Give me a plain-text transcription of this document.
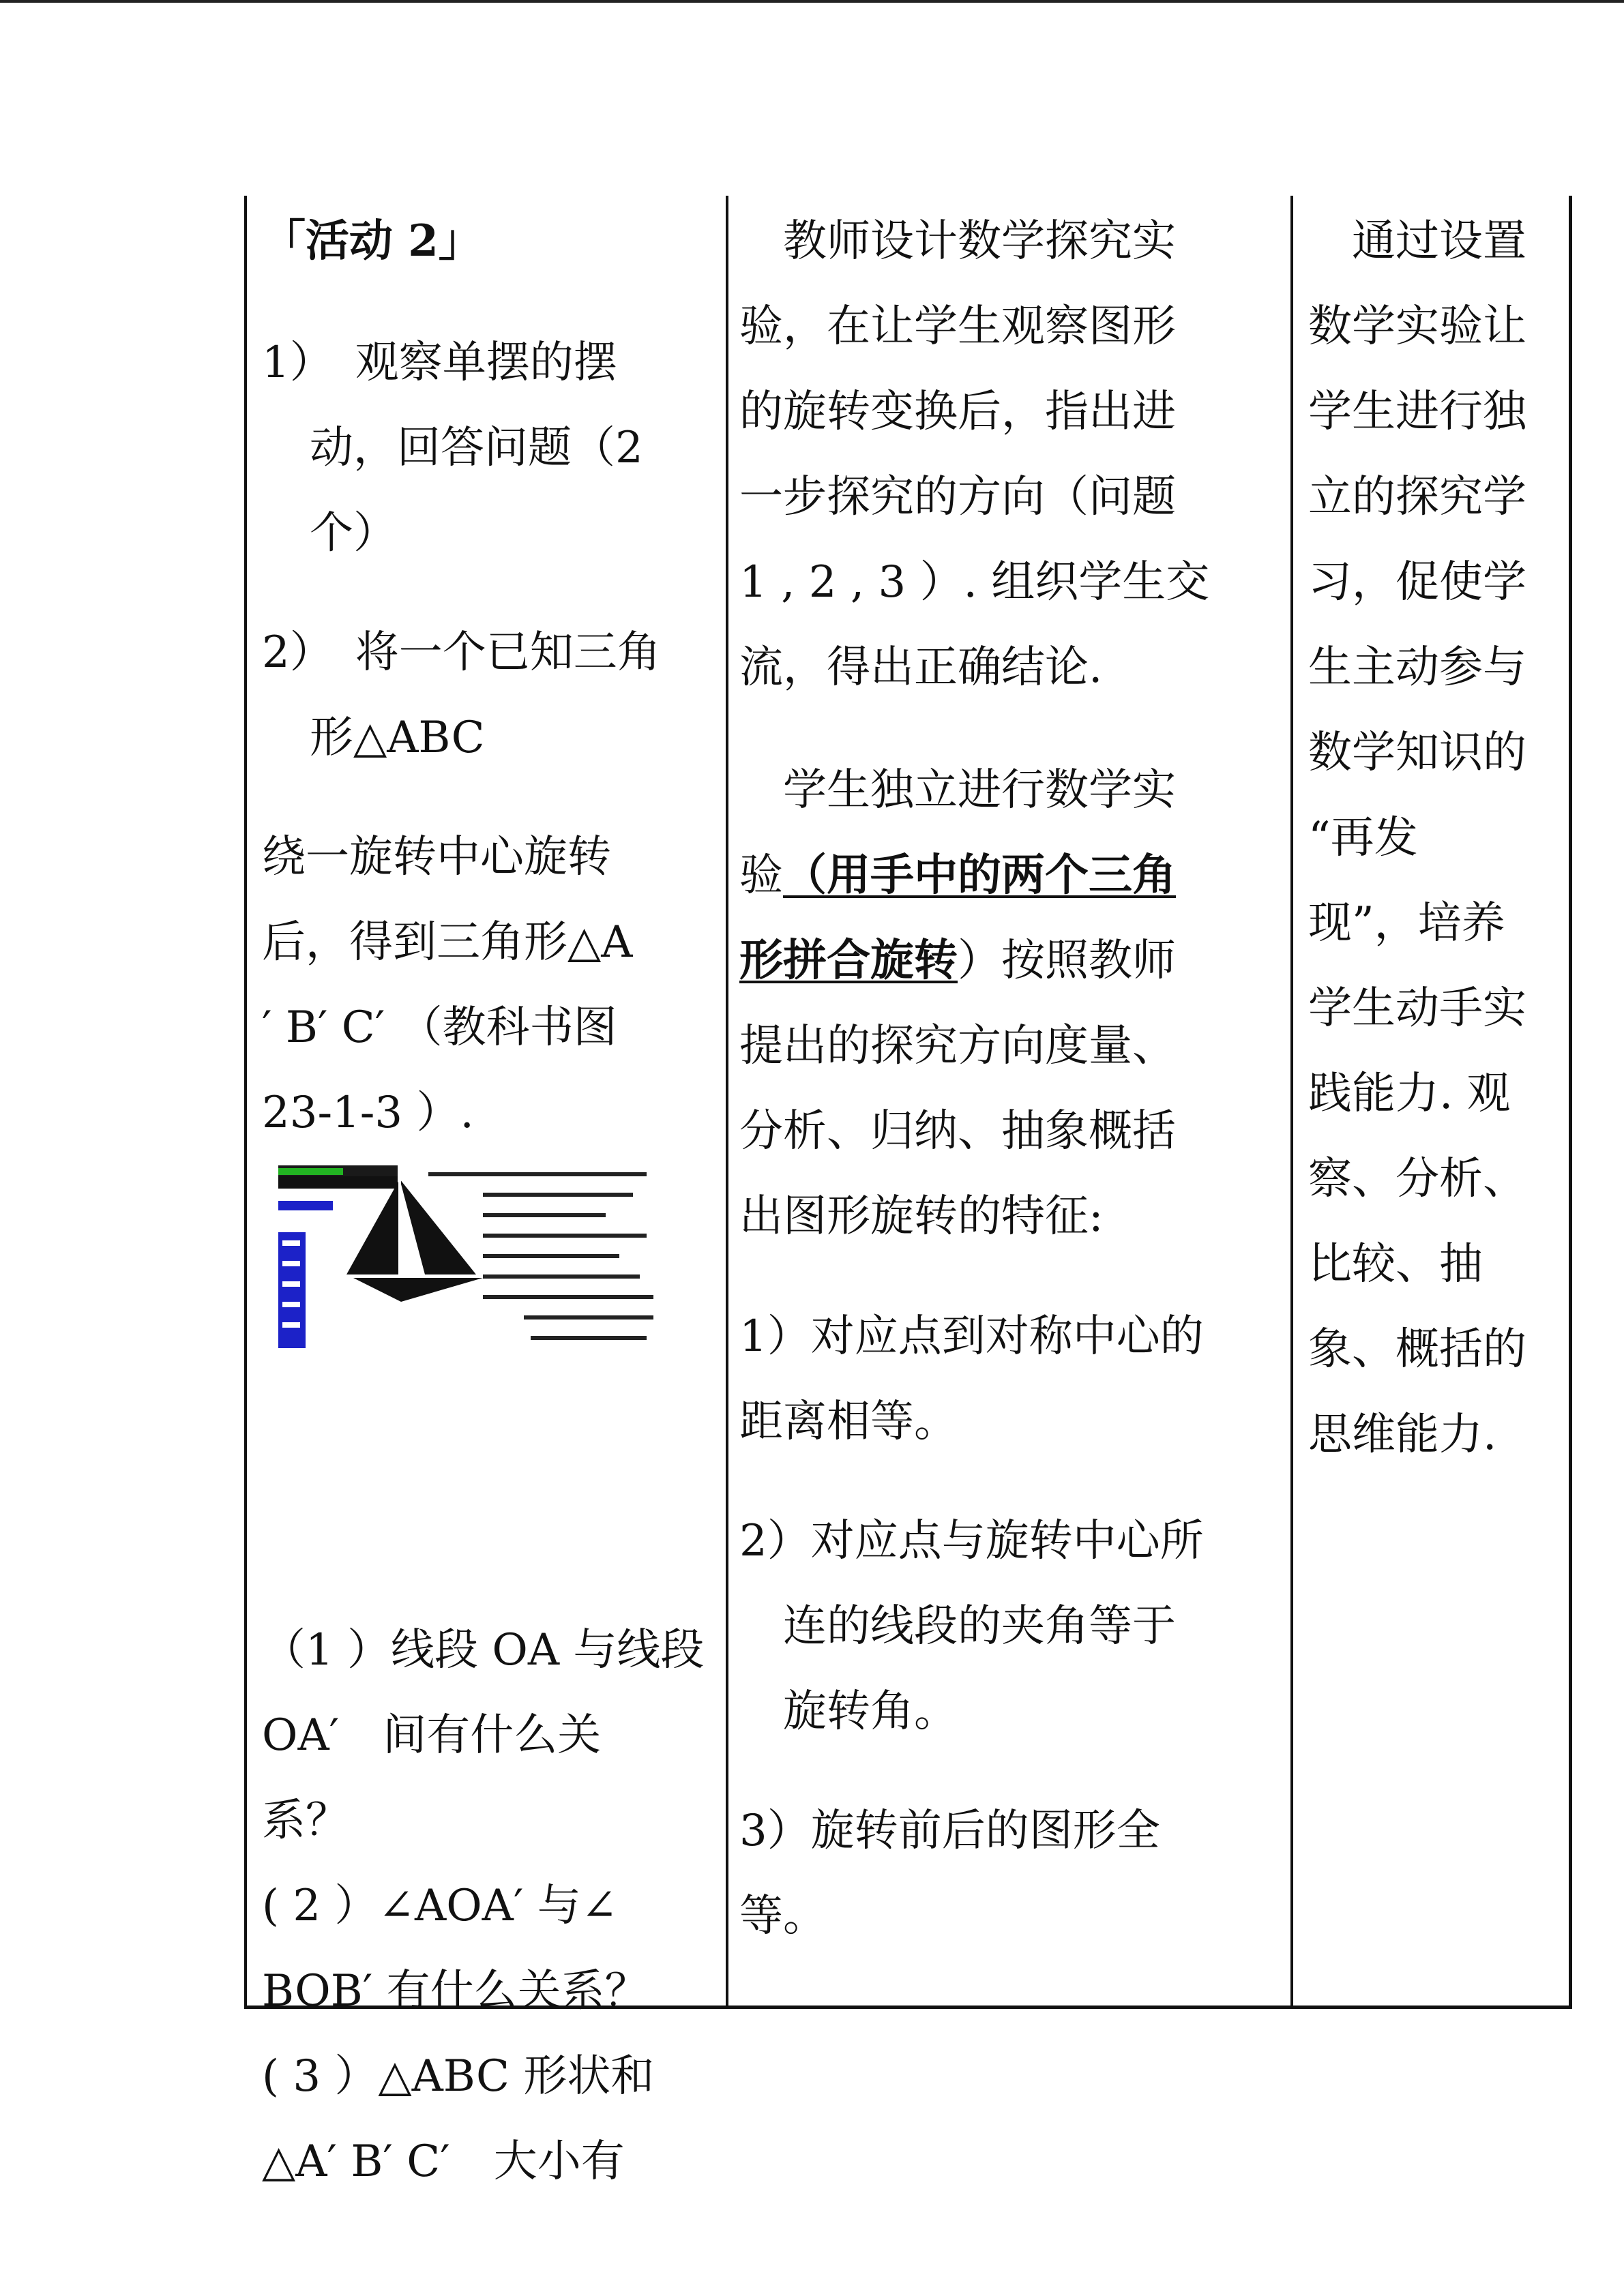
「活动 2」
1）　观察单摆的摆
动，回答问题（2
个）
2）　将一个已知三角
形△ABC
绕一旋转中心旋转
后，得到三角形△A
′ B′ C′ （教科书图
23-1-3 ）.
（1 ）线段 OA 与线段
OA′　间有什么关
系？
( 2 ）∠AOA′ 与∠
BOB′ 有什么关系？
( 3 ）△ABC 形状和
△A′ B′ C′　大小有
　教师设计数学探究实
验，在让学生观察图形
的旋转变换后，指出进
一步探究的方向（问题
1 , 2 , 3 ）. 组织学生交
流，得出正确结论.
　学生独立进行数学实
验（用手中的两个三角
形拼合旋转）按照教师
提出的探究方向度量、
分析、归纳、抽象概括
出图形旋转的特征:
1）对应点到对称中心的
距离相等。
2）对应点与旋转中心所
　连的线段的夹角等于
　旋转角。
3）旋转前后的图形全
等。
　通过设置
数学实验让
学生进行独
立的探究学
习，促使学
生主动参与
数学知识的
“再发
现”，培养
学生动手实
践能力. 观
察、分析、
比较、抽
象、概括的
思维能力.
